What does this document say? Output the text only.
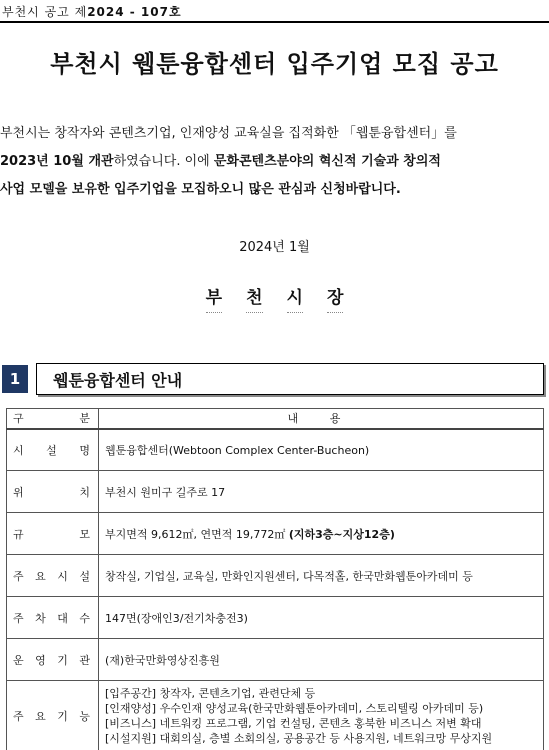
부천시 공고 제2024 - 107호
부천시 웹툰융합센터 입주기업 모집 공고
부천시는 창작자와 콘텐츠기업, 인재양성 교육실을 집적화한 「웹툰융합센터」를
2023년 10월 개관하였습니다. 이에 문화콘텐츠분야의 혁신적 기술과 창의적
사업 모델을 보유한 입주기업을 모집하오니 많은 관심과 신청바랍니다.
2024년 1월
부 천 시 장
1	웹툰융합센터 안내
구 분	내 용
시 설 명	웹툰융합센터(Webtoon Complex Center-Bucheon)
위 치	부천시 원미구 길주로 17
규 모	부지면적 9,612㎡, 연면적 19,772㎡ (지하3층~지상12층)
주 요 시 설	창작실, 기업실, 교육실, 만화인지원센터, 다목적홀, 한국만화웹툰아카데미 등
주 차 대 수	147면(장애인3/전기차충전3)
운 영 기 관	(재)한국만화영상진흥원
주 요 기 능	[입주공간] 창작자, 콘텐츠기업, 관련단체 등
[인재양성] 우수인재 양성교육(한국만화웹툰아카데미, 스토리텔링 아카데미 등)
[비즈니스] 네트워킹 프로그램, 기업 컨설팅, 콘텐츠 홍북한 비즈니스 저변 확대
[시설지원] 대회의실, 층별 소회의실, 공용공간 등 사용지원, 네트워크망 무상지원
